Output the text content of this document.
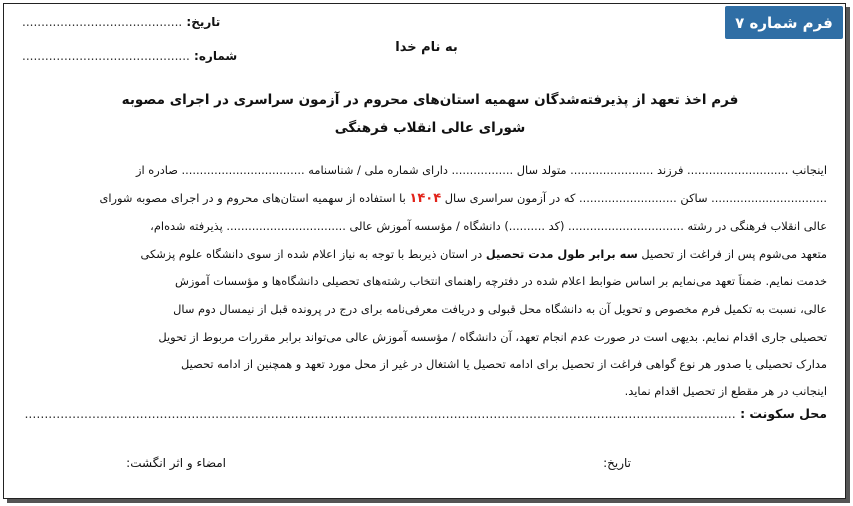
فرم شماره ۷
تاریخ: ..........................................
شماره: ............................................
به نام خدا
فرم اخذ تعهد از پذیرفته‌شدگان سهمیه استان‌های محروم در آزمون سراسری در اجرای مصوبه
شورای عالی انقلاب فرهنگی
اینجانب ............................ فرزند ....................... متولد سال ................. دارای شماره ملی / شناسنامه .................................. صادره از
................................ ساکن ........................... که در آزمون سراسری سال ۱۴۰۴ با استفاده از سهمیه استان‌های محروم و در اجرای مصوبه شورای
عالی انقلاب فرهنگی در رشته ................................ (کد ..........) دانشگاه / مؤسسه آموزش عالی ................................. پذیرفته شده‌ام،
متعهد می‌شوم پس از فراغت از تحصیل سه برابر طول مدت تحصیل در استان ذیربط با توجه به نیاز اعلام شده از سوی دانشگاه علوم پزشکی
خدمت نمایم. ضمناً تعهد می‌نمایم بر اساس ضوابط اعلام شده در دفترچه راهنمای انتخاب رشته‌های تحصیلی دانشگاه‌ها و مؤسسات آموزش
عالی، نسبت به تکمیل فرم مخصوص و تحویل آن به دانشگاه محل قبولی و دریافت معرفی‌نامه برای درج در پرونده قبل از نیمسال دوم سال
تحصیلی جاری اقدام نمایم. بدیهی است در صورت عدم انجام تعهد، آن دانشگاه / مؤسسه آموزش عالی می‌تواند برابر مقررات مربوط از تحویل
مدارک تحصیلی یا صدور هر نوع گواهی فراغت از تحصیل برای ادامه تحصیل یا اشتغال در غیر از محل مورد تعهد و همچنین از ادامه تحصیل
اینجانب در هر مقطع از تحصیل اقدام نماید.
محل سکونت : ...................................................................................................................................................................................
تاریخ:
امضاء و اثر انگشت:
